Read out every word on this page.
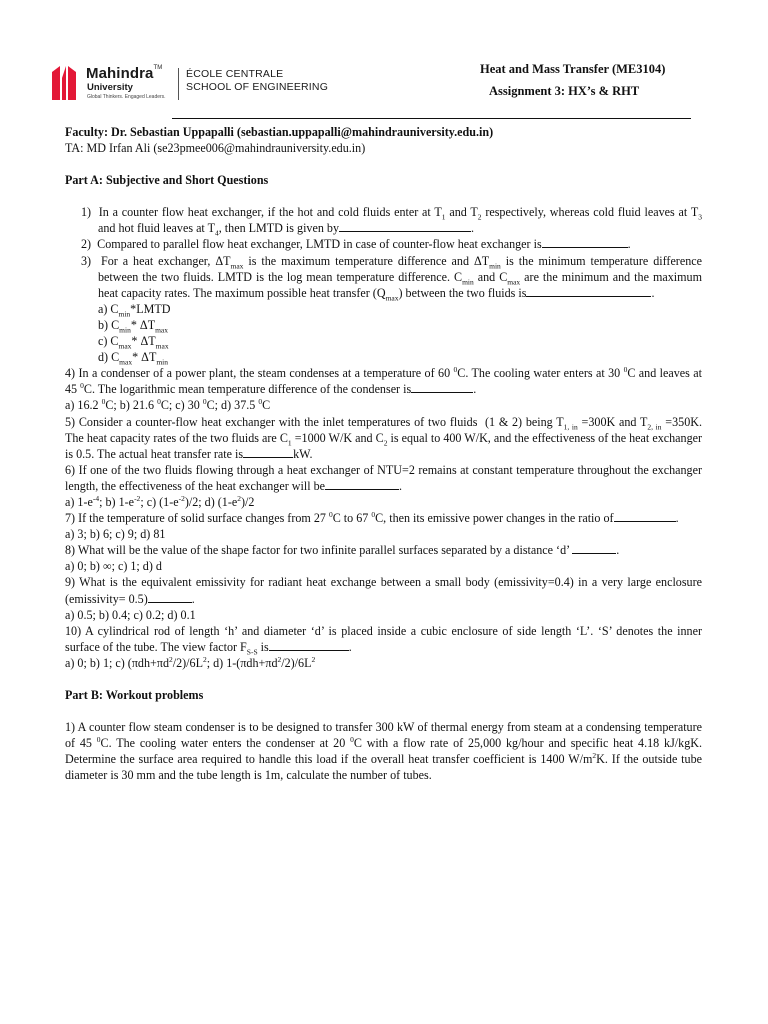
Mahindra™
University
Global Thinkers. Engaged Leaders.
ÉCOLE CENTRALE
SCHOOL OF ENGINEERING
Heat and Mass Transfer (ME3104)
Assignment 3: HX’s & RHT

Faculty: Dr. Sebastian Uppapalli (sebastian.uppapalli@mahindrauniversity.edu.in)

TA: MD Irfan Ali (se23pmee006@mahindrauniversity.edu.in)

Part A: Subjective and Short Questions

1)  In a counter flow heat exchanger, if the hot and cold fluids enter at $T_1$ and $T_2$ respectively, whereas cold fluid leaves at $T_3$ and hot fluid leaves at $T_4$, then LMTD is given by	.

2)  Compared to parallel flow heat exchanger, LMTD in case of counter-flow heat exchanger is	.

3)  For a heat exchanger, $\Delta T_{max}$ is the maximum temperature difference and $\Delta T_{min}$ is the minimum temperature difference between the two fluids. LMTD is the log mean temperature difference. $C_{min}$ and $C_{max}$ are the minimum and the maximum heat capacity rates. The maximum possible heat transfer $(Q_{max})$ between the two fluids is	.

a) $C_{min}*LMTD$

b) $C_{min}*$ $\Delta T_{max}$

c) $C_{max}*$ $\Delta T_{max}$

d) $C_{max}*$ $\Delta T_{min}$

4) In a condenser of a power plant, the steam condenses at a temperature of 60 $^0$C. The cooling water enters at 30 $^0$C and leaves at 45 $^0$C. The logarithmic mean temperature difference of the condenser is	.

a) 16.2 $^0$C; b) 21.6 $^0$C; c) 30 $^0$C; d) 37.5 $^0$C

5) Consider a counter-flow heat exchanger with the inlet temperatures of two fluids  (1 & 2) being $T_{1, in} =300K$ and $T_{2, in} =350K$. The heat capacity rates of the two fluids are $C_1 =1000$ W/K and $C_2$ is equal to 400 W/K, and the effectiveness of the heat exchanger is 0.5. The actual heat transfer rate is	kW.

6) If one of the two fluids flowing through a heat exchanger of NTU=2 remains at constant temperature throughout the exchanger length, the effectiveness of the heat exchanger will be	.

a) $1-e^{-4}$; b) $1-e^{-2}$; c) $(1-e^{-2})/2$; d) $(1-e^2)/2$

7) If the temperature of solid surface changes from 27 $^0$C to 67 $^0$C, then its emissive power changes in the ratio of	.

a) 3; b) 6; c) 9; d) 81

8) What will be the value of the shape factor for two infinite parallel surfaces separated by a distance ‘d’	.

a) 0; b) ∞; c) 1; d) d

9) What is the equivalent emissivity for radiant heat exchange between a small body (emissivity=0.4) in a very large enclosure (emissivity= 0.5)	.

a) 0.5; b) 0.4; c) 0.2; d) 0.1

10) A cylindrical rod of length ‘h’ and diameter ‘d’ is placed inside a cubic enclosure of side length ‘L’. ‘S’ denotes the inner surface of the tube. The view factor $F_{S-S}$ is	.

a) 0; b) 1; c) $(\pi dh+\pi d^2/2)/6L^2$; d) $1-(\pi dh+\pi d^2/2)/6L^2$

Part B: Workout problems

1) A counter flow steam condenser is to be designed to transfer 300 kW of thermal energy from steam at a condensing temperature of 45 $^0$C. The cooling water enters the condenser at 20 $^0$C with a flow rate of 25,000 kg/hour and specific heat 4.18 kJ/kgK. Determine the surface area required to handle this load if the overall heat transfer coefficient is 1400 $W/m^2K$. If the outside tube diameter is 30 mm and the tube length is 1m, calculate the number of tubes.
